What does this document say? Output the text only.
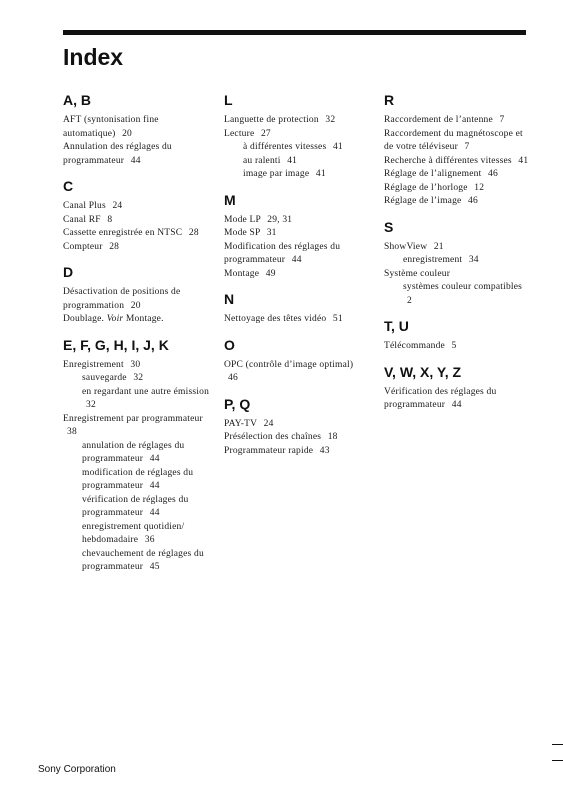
Index
A, B
AFT (syntonisation fine automatique) 20
Annulation des réglages du programmateur 44
C
Canal Plus 24
Canal RF 8
Cassette enregistrée en NTSC 28
Compteur 28
D
Désactivation de positions de programmation 20
Doublage. Voir Montage.
E, F, G, H, I, J, K
Enregistrement 30
sauvegarde 32
en regardant une autre émission 32
Enregistrement par programmateur 38
annulation de réglages du programmateur 44
modification de réglages du programmateur 44
vérification de réglages du programmateur 44
enregistrement quotidien/ hebdomadaire 36
chevauchement de réglages du programmateur 45
L
Languette de protection 32
Lecture 27
à différentes vitesses 41
au ralenti 41
image par image 41
M
Mode LP 29, 31
Mode SP 31
Modification des réglages du programmateur 44
Montage 49
N
Nettoyage des têtes vidéo 51
O
OPC (contrôle d’image optimal) 46
P, Q
PAY-TV 24
Présélection des chaînes 18
Programmateur rapide 43
R
Raccordement de l’antenne 7
Raccordement du magnétoscope et de votre téléviseur 7
Recherche à différentes vitesses 41
Réglage de l’alignement 46
Réglage de l’horloge 12
Réglage de l’image 46
S
ShowView 21
enregistrement 34
Système couleur
systèmes couleur compatibles 2
T, U
Télécommande 5
V, W, X, Y, Z
Vérification des réglages du programmateur 44
Sony Corporation
